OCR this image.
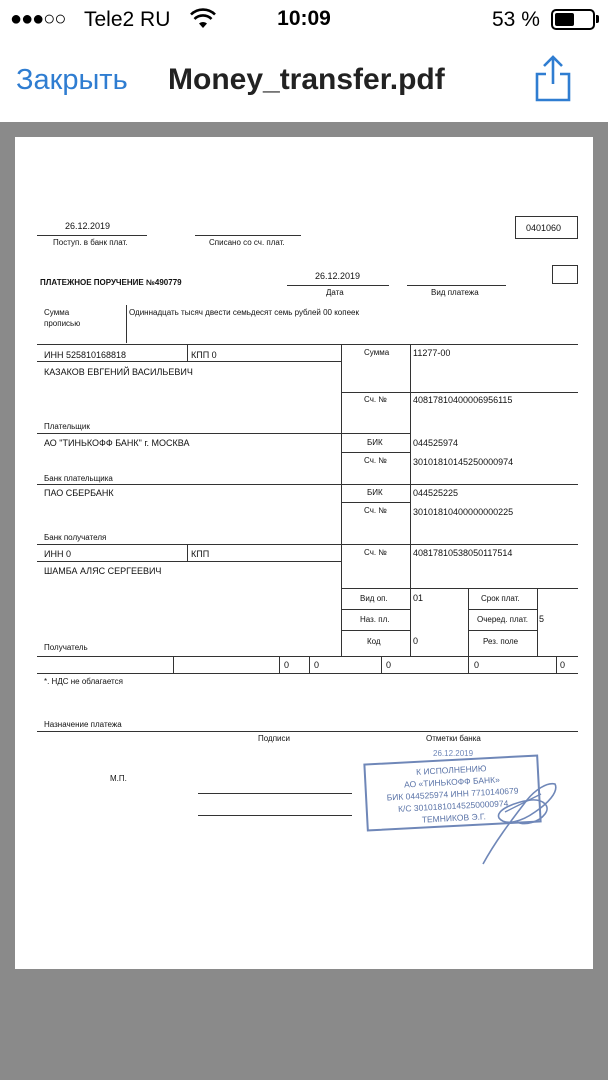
●●●○○ Tele2 RU	10:09	53 %
Закрыть Money_transfer.pdf
26.12.2019
Поступ. в банк плат.	Списано со сч. плат.
0401060
ПЛАТЕЖНОЕ ПОРУЧЕНИЕ №490779
26.12.2019
Дата	Вид платежа
Сумма
прописью
Одиннадцать тысяч двести семьдесят семь рублей 00 копеек
ИНН 525810168818	КПП 0
КАЗАКОВ ЕВГЕНИЙ ВАСИЛЬЕВИЧ
Сумма	11277-00
Сч. №	40817810400006956115
Плательщик
АО "ТИНЬКОФФ БАНК" г. МОСКВА	БИК	044525974
Сч. №	30101810145250000974
Банк плательщика
ПАО СБЕРБАНК	БИК	044525225
Сч. №	30101810400000000225
Банк получателя
ИНН 0	КПП
ШАМБА АЛЯС СЕРГЕЕВИЧ
Сч. №	40817810538050117514
Вид оп.	01	Срок плат.
Наз. пл.	Очеред. плат. 5
Код	0	Рез. поле
Получатель
0	0	0	0	0
*. НДС не облагается
Назначение платежа
Подписи	Отметки банка
26.12.2019
М.П.
К ИСПОЛНЕНИЮ
АО «ТИНЬКОФФ БАНК»
БИК 044525974 ИНН 7710140679
К/С 30101810145250000974
ТЕМНИКОВ Э.Г.
